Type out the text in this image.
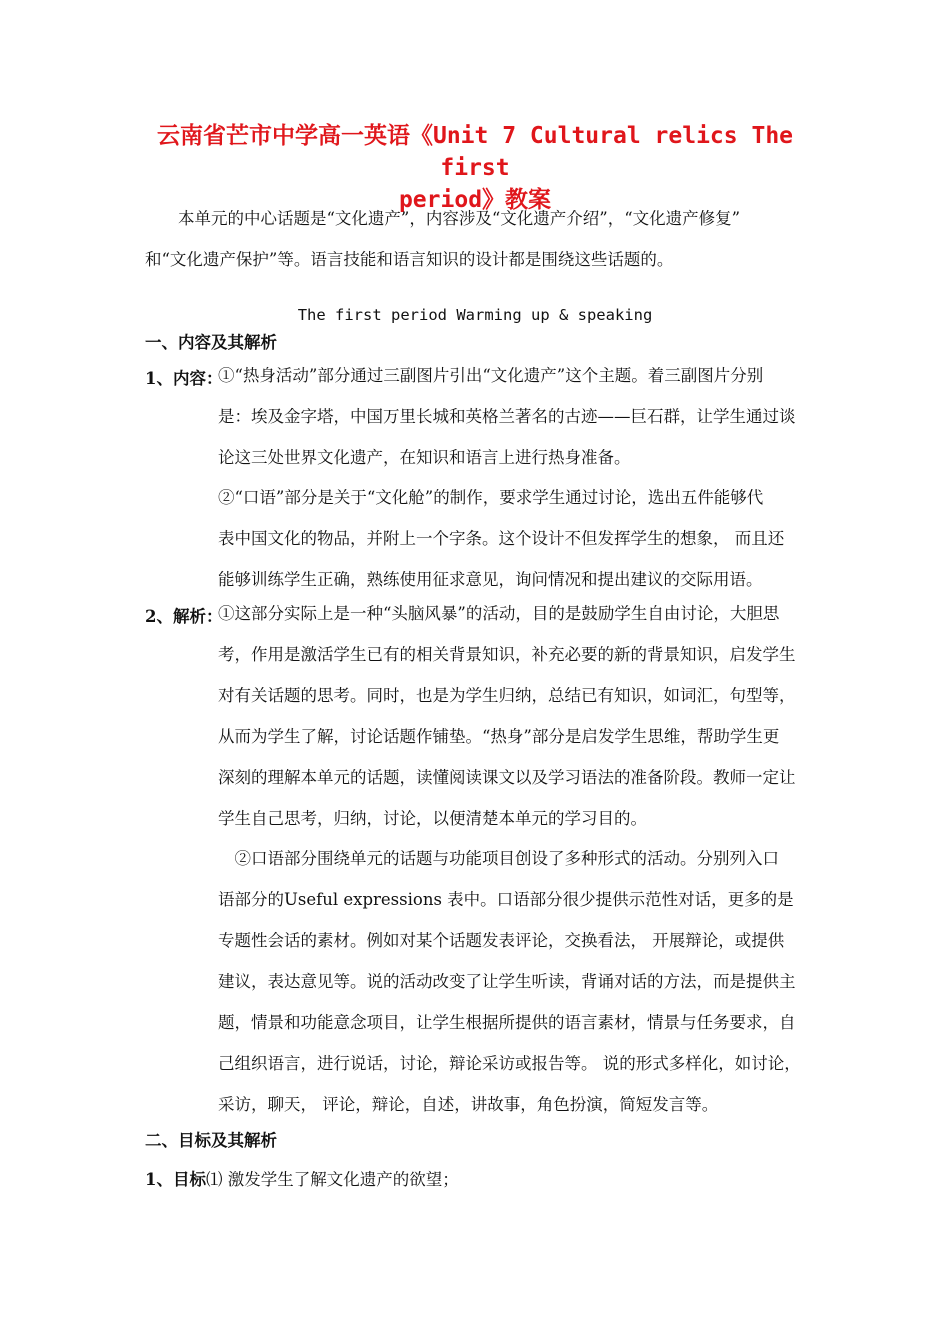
云南省芒市中学高一英语《Unit 7 Cultural relics The first
period》教案
本单元的中心话题是“文化遗产”，内容涉及“文化遗产介绍”，“文化遗产修复”
和“文化遗产保护”等。语言技能和语言知识的设计都是围绕这些话题的。
The first period Warming up & speaking
一、内容及其解析
1、内容：
①“热身活动”部分通过三副图片引出“文化遗产”这个主题。着三副图片分别
是：埃及金字塔，中国万里长城和英格兰著名的古迹——巨石群，让学生通过谈
论这三处世界文化遗产，在知识和语言上进行热身准备。
②“口语”部分是关于“文化舱”的制作，要求学生通过讨论，选出五件能够代
表中国文化的物品，并附上一个字条。这个设计不但发挥学生的想象， 而且还
能够训练学生正确，熟练使用征求意见，询问情况和提出建议的交际用语。
2、解析：
①这部分实际上是一种“头脑风暴”的活动，目的是鼓励学生自由讨论，大胆思
考，作用是激活学生已有的相关背景知识，补充必要的新的背景知识，启发学生
对有关话题的思考。同时，也是为学生归纳，总结已有知识，如词汇，句型等，
从而为学生了解，讨论话题作铺垫。“热身”部分是启发学生思维，帮助学生更
深刻的理解本单元的话题，读懂阅读课文以及学习语法的准备阶段。教师一定让
学生自己思考，归纳，讨论，以便清楚本单元的学习目的。
　②口语部分围绕单元的话题与功能项目创设了多种形式的活动。分别列入口
语部分的Useful expressions 表中。口语部分很少提供示范性对话，更多的是
专题性会话的素材。例如对某个话题发表评论，交换看法， 开展辩论，或提供
建议，表达意见等。说的活动改变了让学生听读，背诵对话的方法，而是提供主
题，情景和功能意念项目，让学生根据所提供的语言素材，情景与任务要求，自
己组织语言，进行说话，讨论，辩论采访或报告等。 说的形式多样化，如讨论，
采访，聊天， 评论，辩论，自述，讲故事，角色扮演，简短发言等。
二、目标及其解析
1、目标⑴ 激发学生了解文化遗产的欲望；
